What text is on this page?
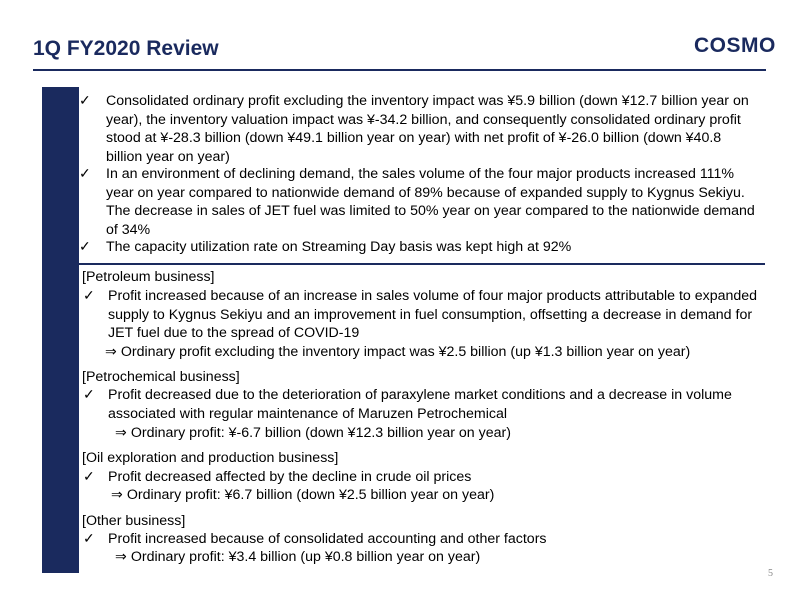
1Q FY2020 Review	COSMO
✓	Consolidated ordinary profit excluding the inventory impact was ¥5.9 billion (down ¥12.7 billion year on year), the inventory valuation impact was ¥-34.2 billion, and consequently consolidated ordinary profit stood at ¥-28.3 billion (down ¥49.1 billion year on year) with net profit of ¥-26.0 billion (down ¥40.8 billion year on year)
✓	In an environment of declining demand, the sales volume of the four major products increased 111% year on year compared to nationwide demand of 89% because of expanded supply to Kygnus Sekiyu. The decrease in sales of JET fuel was limited to 50% year on year compared to the nationwide demand of 34%
✓	The capacity utilization rate on Streaming Day basis was kept high at 92%
[Petroleum business]
✓ Profit increased because of an increase in sales volume of four major products attributable to expanded supply to Kygnus Sekiyu and an improvement in fuel consumption, offsetting a decrease in demand for JET fuel due to the spread of COVID-19
⇒ Ordinary profit excluding the inventory impact was ¥2.5 billion (up ¥1.3 billion year on year)
[Petrochemical business]
✓ Profit decreased due to the deterioration of paraxylene market conditions and a decrease in volume associated with regular maintenance of Maruzen Petrochemical
⇒ Ordinary profit: ¥-6.7 billion (down ¥12.3 billion year on year)
[Oil exploration and production business]
✓ Profit decreased affected by the decline in crude oil prices
⇒ Ordinary profit: ¥6.7 billion (down ¥2.5 billion year on year)
[Other business]
✓ Profit increased because of consolidated accounting and other factors
⇒ Ordinary profit: ¥3.4 billion (up ¥0.8 billion year on year)
5
